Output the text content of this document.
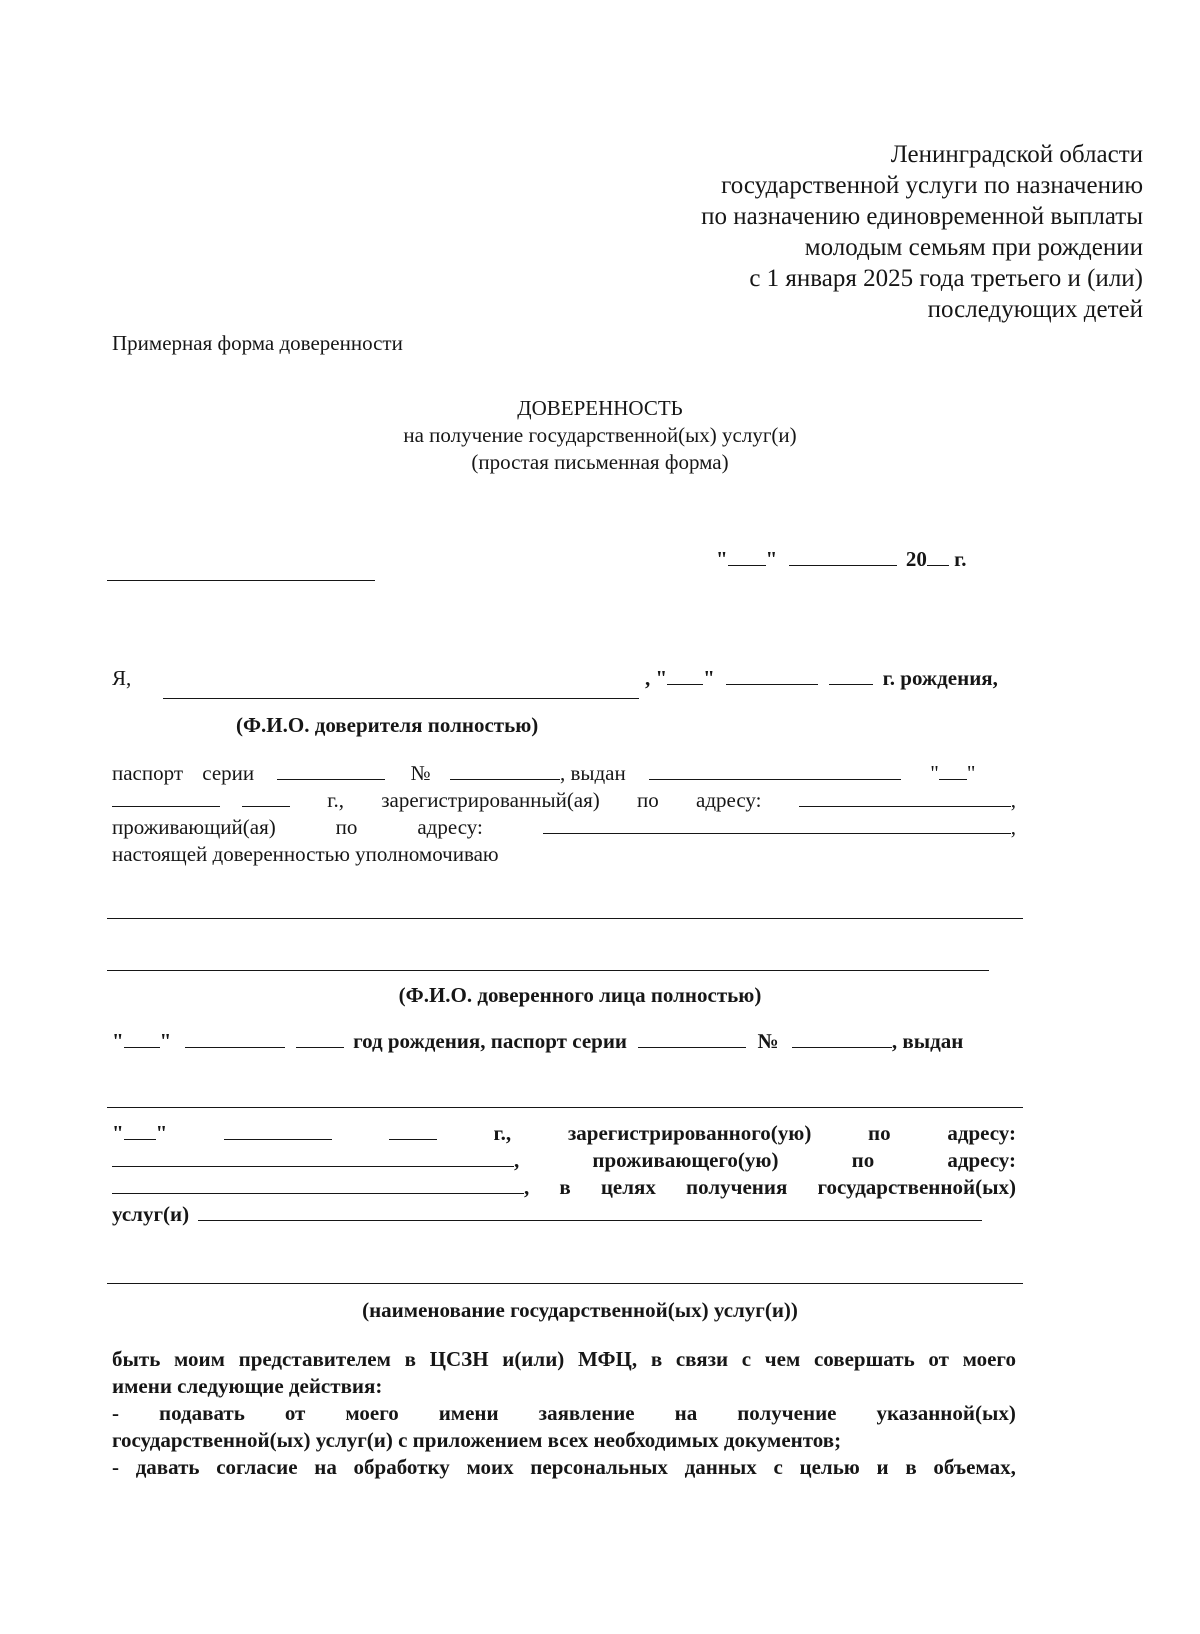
Ленинградской области
государственной услуги по назначению
по назначению единовременной выплаты
молодым семьям при рождении
с 1 января 2025 года третьего и (или)
последующих детей
Примерная форма доверенности
ДОВЕРЕННОСТЬ
на получение государственной(ых) услуг(и)
(простая письменная форма)
" "	20 г.
Я,	, " "	г. рождения,
(Ф.И.О. доверителя полностью)
паспорт серии	№	, выдан	" "
г., зарегистрированный(ая) по адресу:	,
проживающий(ая)	по	адресу:	,
настоящей доверенностью уполномочиваю
(Ф.И.О. доверенного лица полностью)
" "	год рождения, паспорт серии	№	, выдан
" "	г.,	зарегистрированного(ую)	по	адресу:
,	проживающего(ую)	по	адресу:
, в целях получения государственной(ых)
услуг(и)
(наименование государственной(ых) услуг(и))
быть моим представителем в ЦСЗН и(или) МФЦ, в связи с чем совершать от моего
имени следующие действия:
- подавать от моего имени заявление на получение указанной(ых)
государственной(ых) услуг(и) с приложением всех необходимых документов;
- давать согласие на обработку моих персональных данных с целью и в объемах,
